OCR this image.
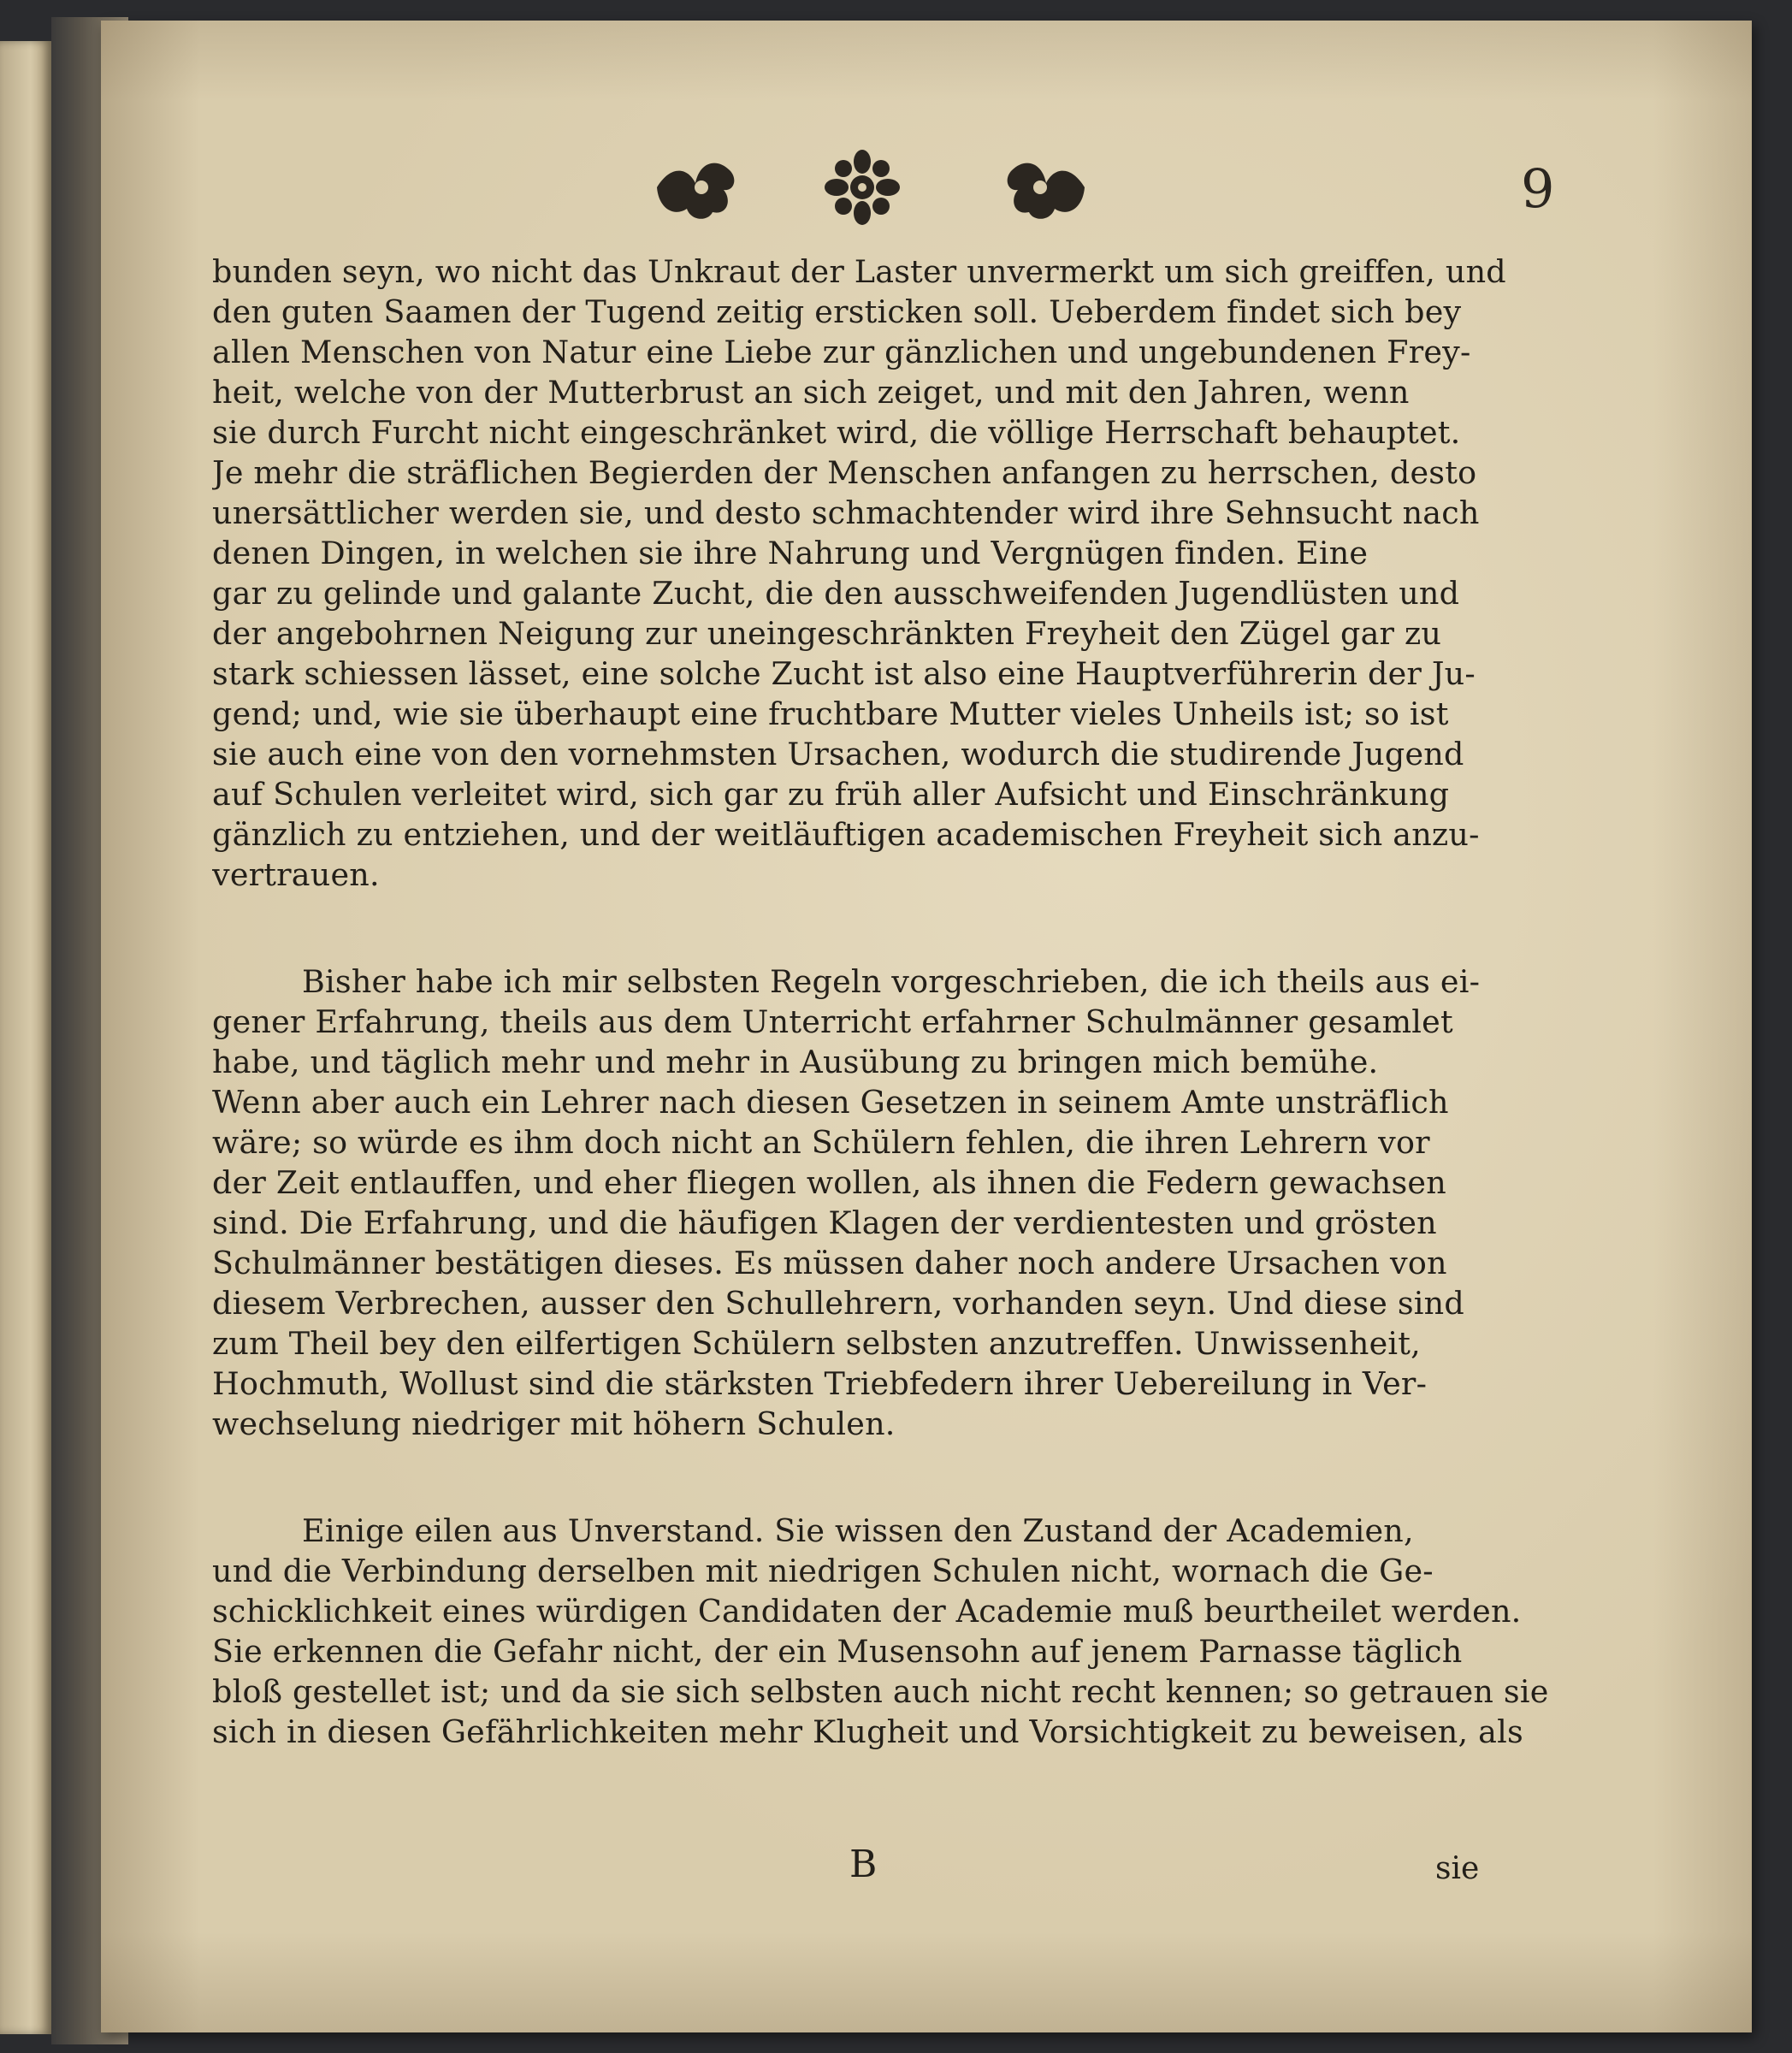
9
bunden seyn, wo nicht das Unkraut der Laster unvermerkt um sich greiffen, und
den guten Saamen der Tugend zeitig ersticken soll. Ueberdem findet sich bey
allen Menschen von Natur eine Liebe zur gänzlichen und ungebundenen Frey-
heit, welche von der Mutterbrust an sich zeiget, und mit den Jahren, wenn
sie durch Furcht nicht eingeschränket wird, die völlige Herrschaft behauptet.
Je mehr die sträflichen Begierden der Menschen anfangen zu herrschen, desto
unersättlicher werden sie, und desto schmachtender wird ihre Sehnsucht nach
denen Dingen, in welchen sie ihre Nahrung und Vergnügen finden. Eine
gar zu gelinde und galante Zucht, die den ausschweifenden Jugendlüsten und
der angebohrnen Neigung zur uneingeschränkten Freyheit den Zügel gar zu
stark schiessen lässet, eine solche Zucht ist also eine Hauptverführerin der Ju-
gend; und, wie sie überhaupt eine fruchtbare Mutter vieles Unheils ist; so ist
sie auch eine von den vornehmsten Ursachen, wodurch die studirende Jugend
auf Schulen verleitet wird, sich gar zu früh aller Aufsicht und Einschränkung
gänzlich zu entziehen, und der weitläuftigen academischen Freyheit sich anzu-
vertrauen.
Bisher habe ich mir selbsten Regeln vorgeschrieben, die ich theils aus ei-
gener Erfahrung, theils aus dem Unterricht erfahrner Schulmänner gesamlet
habe, und täglich mehr und mehr in Ausübung zu bringen mich bemühe.
Wenn aber auch ein Lehrer nach diesen Gesetzen in seinem Amte unsträflich
wäre; so würde es ihm doch nicht an Schülern fehlen, die ihren Lehrern vor
der Zeit entlauffen, und eher fliegen wollen, als ihnen die Federn gewachsen
sind. Die Erfahrung, und die häufigen Klagen der verdientesten und grösten
Schulmänner bestätigen dieses. Es müssen daher noch andere Ursachen von
diesem Verbrechen, ausser den Schullehrern, vorhanden seyn. Und diese sind
zum Theil bey den eilfertigen Schülern selbsten anzutreffen. Unwissenheit,
Hochmuth, Wollust sind die stärksten Triebfedern ihrer Uebereilung in Ver-
wechselung niedriger mit höhern Schulen.
Einige eilen aus Unverstand. Sie wissen den Zustand der Academien,
und die Verbindung derselben mit niedrigen Schulen nicht, wornach die Ge-
schicklichkeit eines würdigen Candidaten der Academie muß beurtheilet werden.
Sie erkennen die Gefahr nicht, der ein Musensohn auf jenem Parnasse täglich
bloß gestellet ist; und da sie sich selbsten auch nicht recht kennen; so getrauen sie
sich in diesen Gefährlichkeiten mehr Klugheit und Vorsichtigkeit zu beweisen, als
B	sie
